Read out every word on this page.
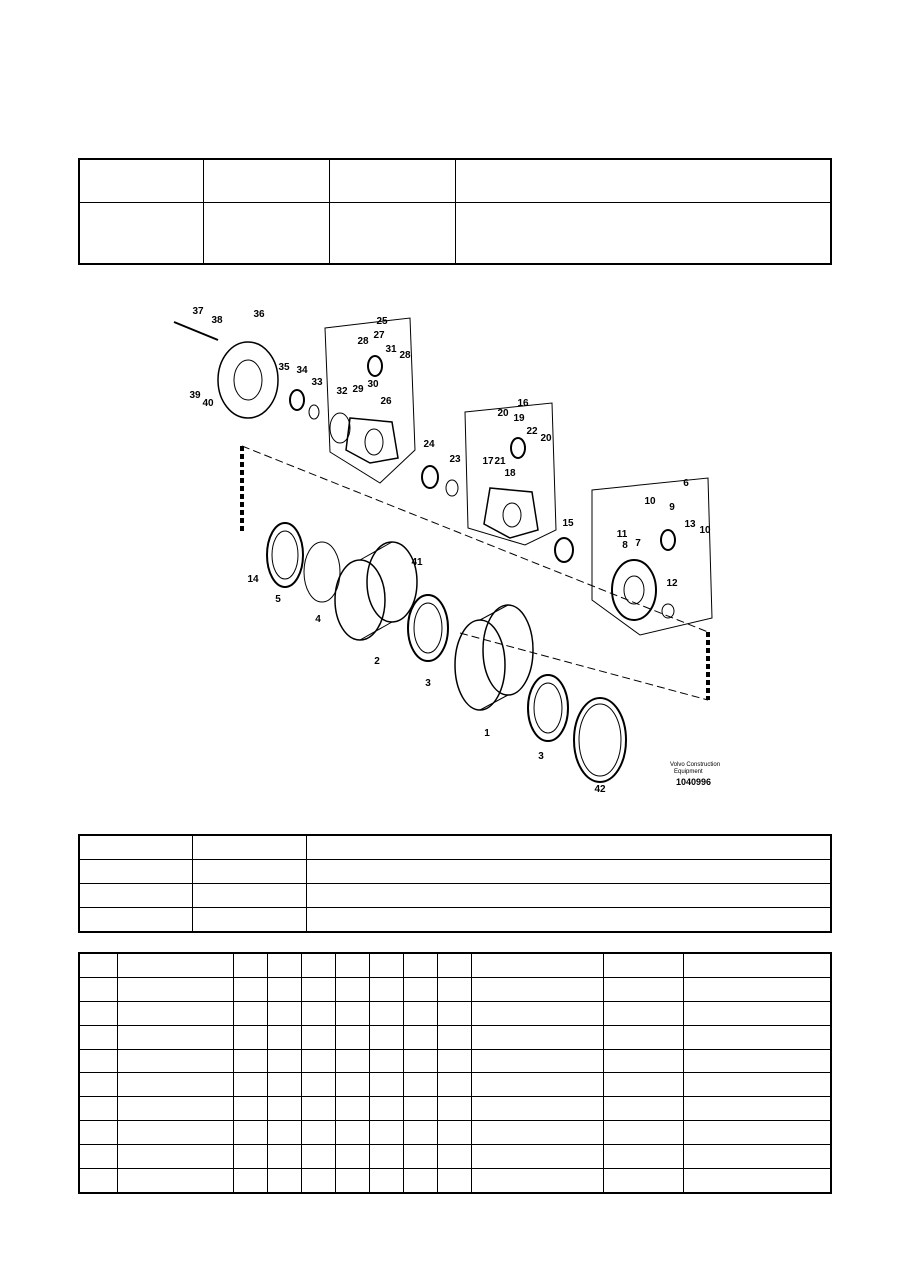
37
38
36
25
28
27
31
28
35 34
33	30
39
40
32 29
26	16
20 19
22
20
24
23 17 21
18
6
10
9
10
13
15
11
8 7
12
41
14
5
4
2
3
1
3
42
Volvo Construction
Equipment
1040996
